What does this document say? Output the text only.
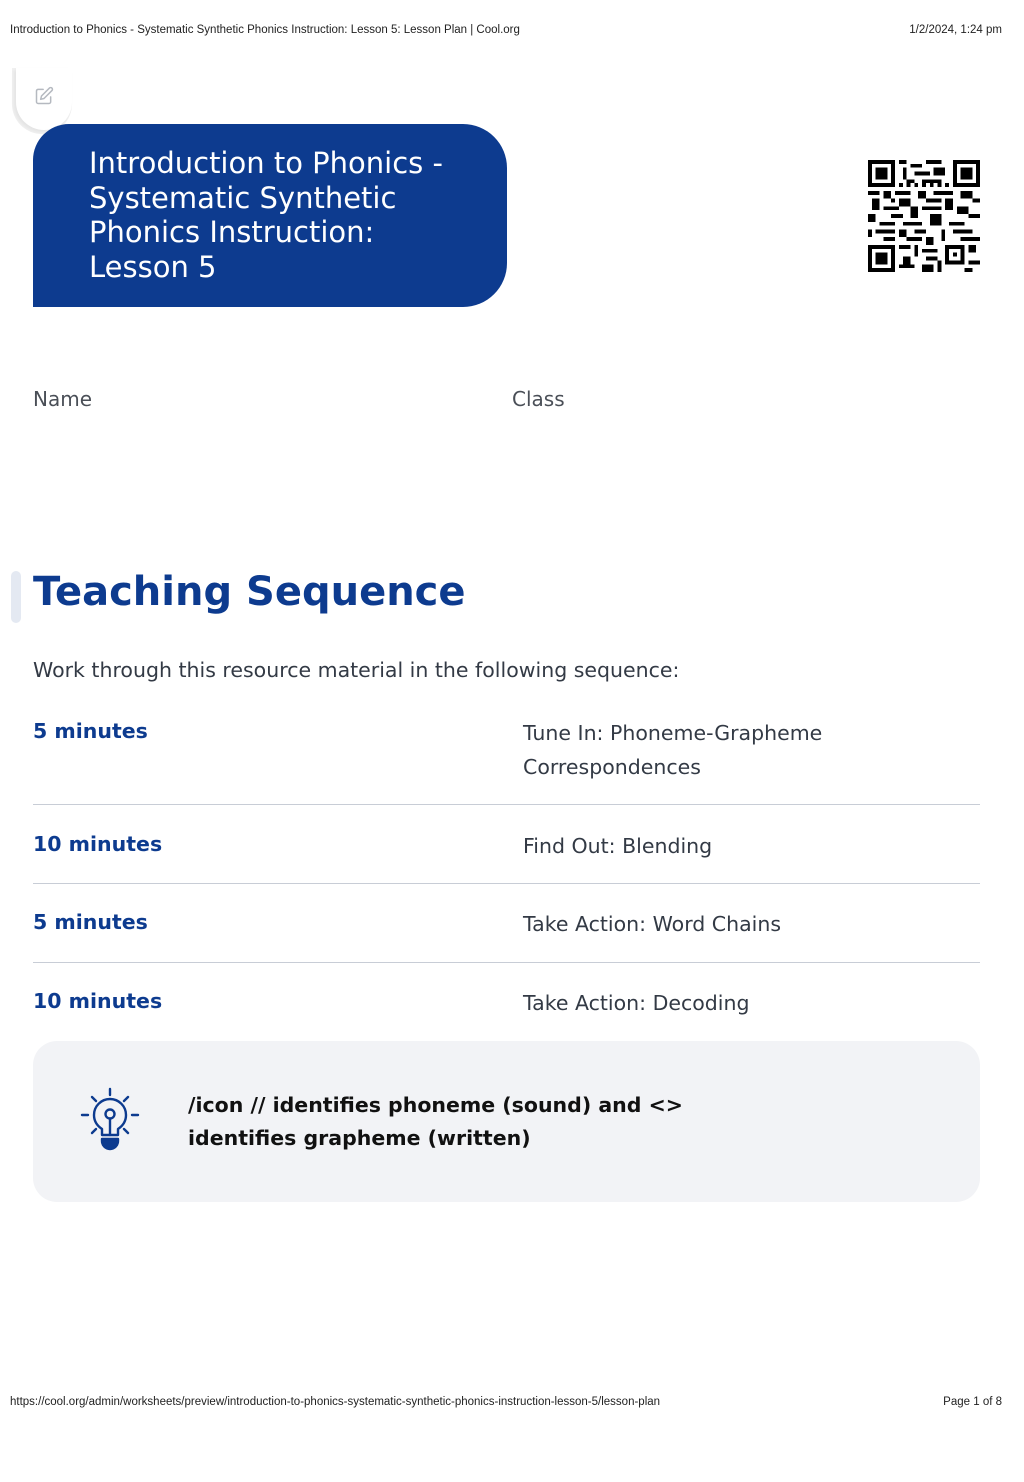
Introduction to Phonics - Systematic Synthetic Phonics Instruction: Lesson 5: Lesson Plan | Cool.org	1/2/2024, 1:24 pm
Introduction to Phonics - Systematic Synthetic Phonics Instruction: Lesson 5
Name	Class
Teaching Sequence

Work through this resource material in the following sequence:

5 minutes	Tune In: Phoneme-Grapheme Correspondences
10 minutes	Find Out: Blending
5 minutes	Take Action: Word Chains
10 minutes	Take Action: Decoding

/icon // identifies phoneme (sound) and <> identifies grapheme (written)

https://cool.org/admin/worksheets/preview/introduction-to-phonics-systematic-synthetic-phonics-instruction-lesson-5/lesson-plan	Page 1 of 8
